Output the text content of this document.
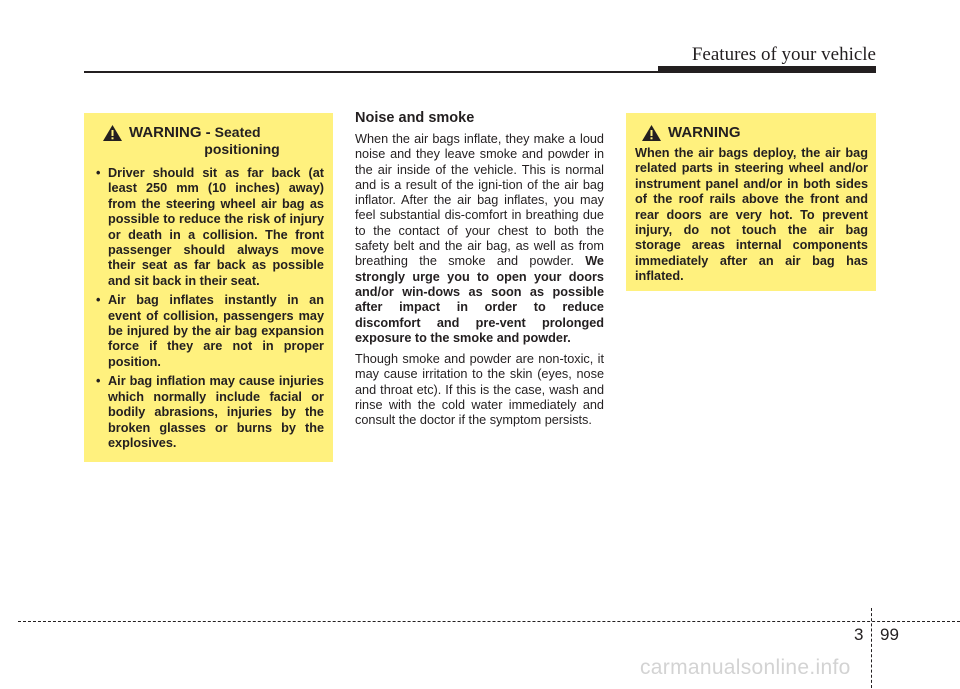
Features of your vehicle
WARNING - Seated
positioning
• Driver should sit as far back (at least 250 mm (10 inches) away) from the steering wheel air bag as possible to reduce the risk of injury or death in a collision. The front passenger should always move their seat as far back as possible and sit back in their seat.
• Air bag inflates instantly in an event of collision, passengers may be injured by the air bag expansion force if they are not in proper position.
• Air bag inflation may cause injuries which normally include facial or bodily abrasions, injuries by the broken glasses or burns by the explosives.
Noise and smoke

When the air bags inflate, they make a loud noise and they leave smoke and powder in the air inside of the vehicle. This is normal and is a result of the igni-tion of the air bag inflator. After the air bag inflates, you may feel substantial dis-comfort in breathing due to the contact of your chest to both the safety belt and the air bag, as well as from breathing the smoke and powder. We strongly urge you to open your doors and/or win-dows as soon as possible after impact in order to reduce discomfort and pre-vent prolonged exposure to the smoke and powder.

Though smoke and powder are non-toxic, it may cause irritation to the skin (eyes, nose and throat etc). If this is the case, wash and rinse with the cold water immediately and consult the doctor if the symptom persists.

WARNING
When the air bags deploy, the air bag related parts in steering wheel and/or instrument panel and/or in both sides of the roof rails above the front and rear doors are very hot. To prevent injury, do not touch the air bag storage areas internal components immediately after an air bag has inflated.
3 99
carmanualsonline.info
